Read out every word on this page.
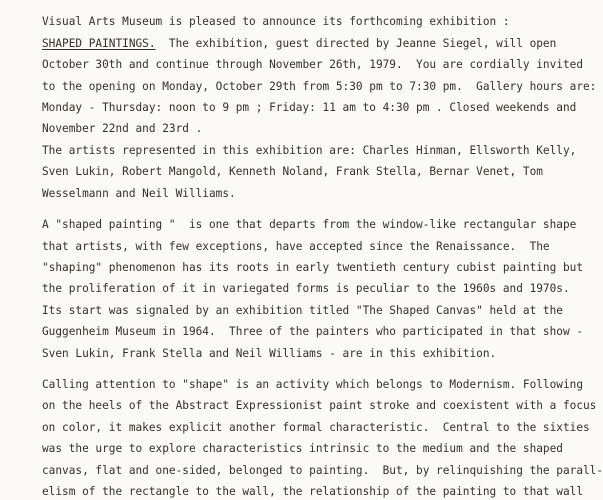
Visual Arts Museum is pleased to announce its forthcoming exhibition :
SHAPED PAINTINGS.  The exhibition, guest directed by Jeanne Siegel, will open
October 30th and continue through November 26th, 1979.  You are cordially invited
to the opening on Monday, October 29th from 5:30 pm to 7:30 pm.  Gallery hours are:
Monday - Thursday: noon to 9 pm ; Friday: 11 am to 4:30 pm . Closed weekends and
November 22nd and 23rd .
The artists represented in this exhibition are: Charles Hinman, Ellsworth Kelly,
Sven Lukin, Robert Mangold, Kenneth Noland, Frank Stella, Bernar Venet, Tom
Wesselmann and Neil Williams.
A "shaped painting "  is one that departs from the window-like rectangular shape
that artists, with few exceptions, have accepted since the Renaissance.  The
"shaping" phenomenon has its roots in early twentieth century cubist painting but
the proliferation of it in variegated forms is peculiar to the 1960s and 1970s.
Its start was signaled by an exhibition titled "The Shaped Canvas" held at the
Guggenheim Museum in 1964.  Three of the painters who participated in that show -
Sven Lukin, Frank Stella and Neil Williams - are in this exhibition.
Calling attention to "shape" is an activity which belongs to Modernism. Following
on the heels of the Abstract Expressionist paint stroke and coexistent with a focus
on color, it makes explicit another formal characteristic.  Central to the sixties
was the urge to explore characteristics intrinsic to the medium and the shaped
canvas, flat and one-sided, belonged to painting.  But, by relinquishing the parall-
elism of the rectangle to the wall, the relationship of the painting to that wall
